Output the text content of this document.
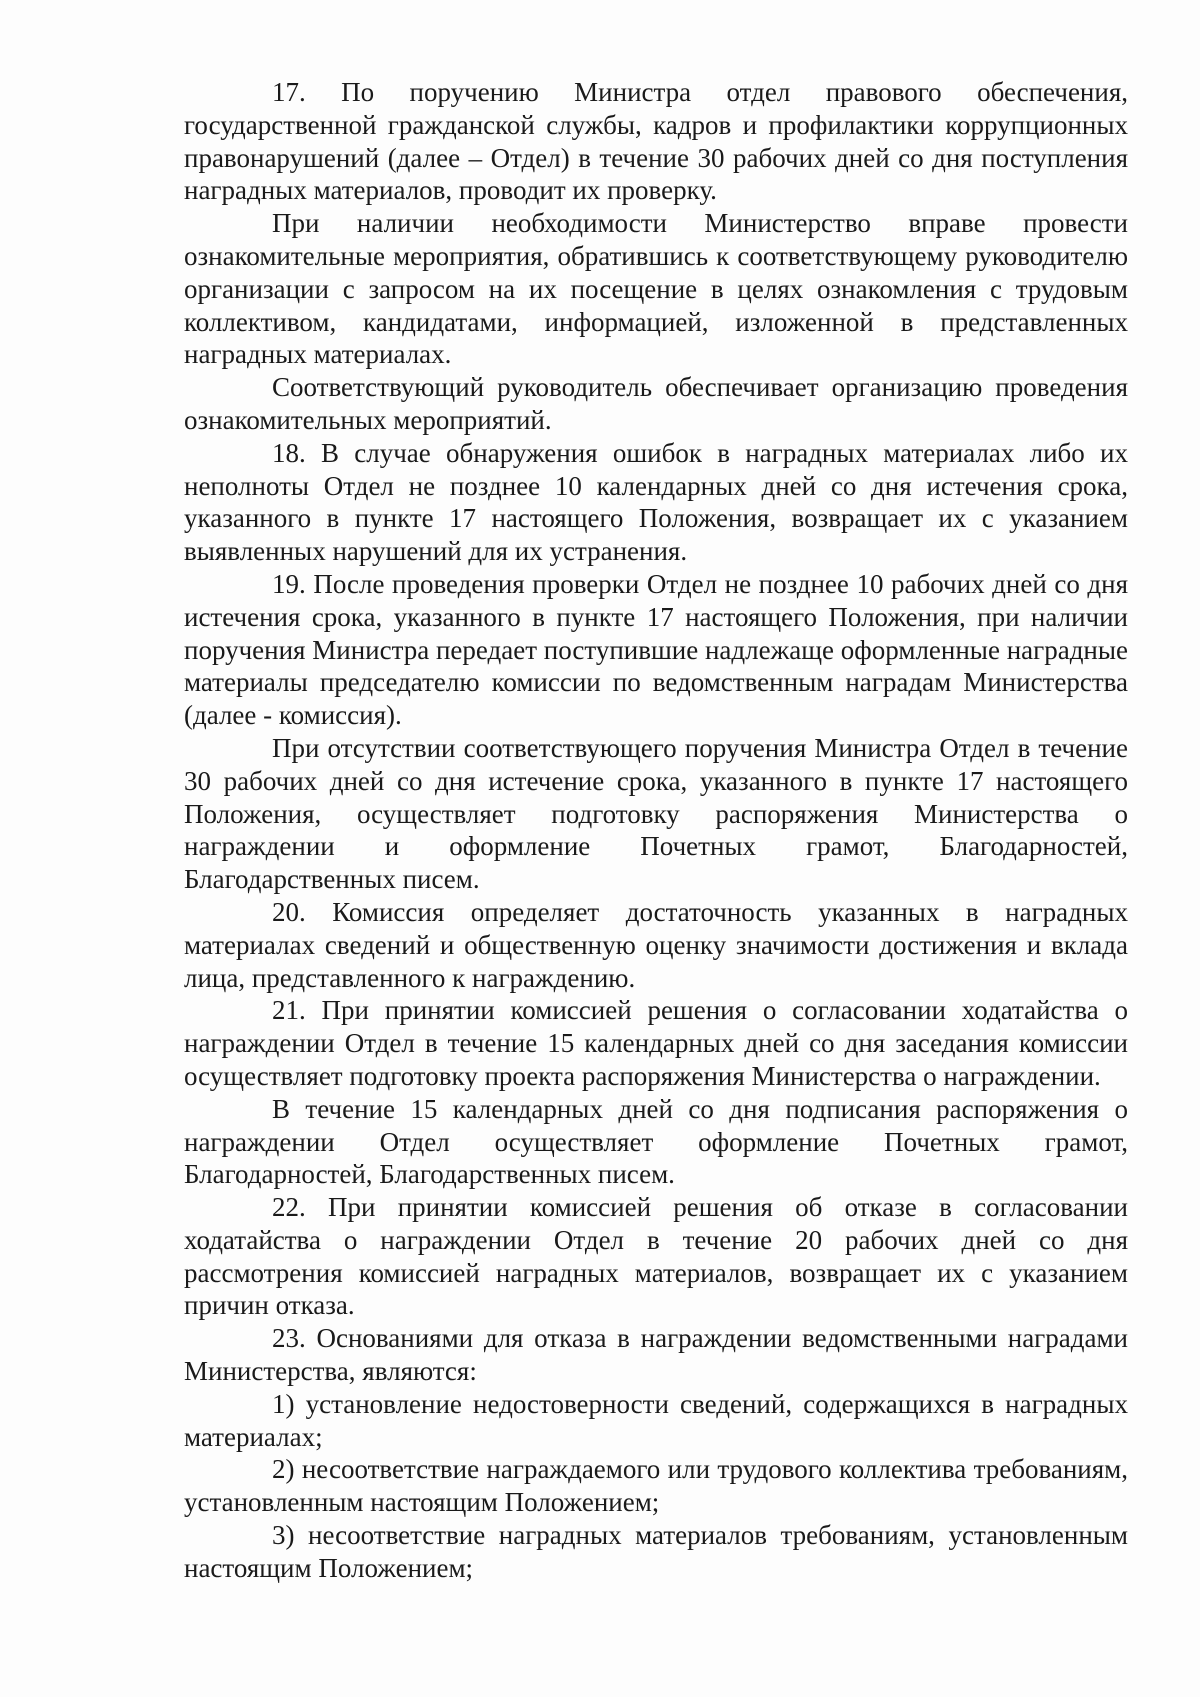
17. По поручению Министра отдел правового обеспечения, государственной гражданской службы, кадров и профилактики коррупционных правонарушений (далее – Отдел) в течение 30 рабочих дней со дня поступления наградных материалов, проводит их проверку.

При наличии необходимости Министерство вправе провести ознакомительные мероприятия, обратившись к соответствующему руководителю организации с запросом на их посещение в целях ознакомления с трудовым коллективом, кандидатами, информацией, изложенной в представленных наградных материалах.

Соответствующий руководитель обеспечивает организацию проведения ознакомительных мероприятий.

18. В случае обнаружения ошибок в наградных материалах либо их неполноты Отдел не позднее 10 календарных дней со дня истечения срока, указанного в пункте 17 настоящего Положения, возвращает их с указанием выявленных нарушений для их устранения.

19. После проведения проверки Отдел не позднее 10 рабочих дней со дня истечения срока, указанного в пункте 17 настоящего Положения, при наличии поручения Министра передает поступившие надлежаще оформленные наградные материалы председателю комиссии по ведомственным наградам Министерства (далее - комиссия).

При отсутствии соответствующего поручения Министра Отдел в течение 30 рабочих дней со дня истечение срока, указанного в пункте 17 настоящего Положения, осуществляет подготовку распоряжения Министерства о награждении и оформление Почетных грамот, Благодарностей, Благодарственных писем.

20. Комиссия определяет достаточность указанных в наградных материалах сведений и общественную оценку значимости достижения и вклада лица, представленного к награждению.

21. При принятии комиссией решения о согласовании ходатайства о награждении Отдел в течение 15 календарных дней со дня заседания комиссии осуществляет подготовку проекта распоряжения Министерства о награждении.

В течение 15 календарных дней со дня подписания распоряжения о награждении Отдел осуществляет оформление Почетных грамот, Благодарностей, Благодарственных писем.

22. При принятии комиссией решения об отказе в согласовании ходатайства о награждении Отдел в течение 20 рабочих дней со дня рассмотрения комиссией наградных материалов, возвращает их с указанием причин отказа.

23. Основаниями для отказа в награждении ведомственными наградами Министерства, являются:

1) установление недостоверности сведений, содержащихся в наградных материалах;

2) несоответствие награждаемого или трудового коллектива требованиям, установленным настоящим Положением;

3) несоответствие наградных материалов требованиям, установленным настоящим Положением;
